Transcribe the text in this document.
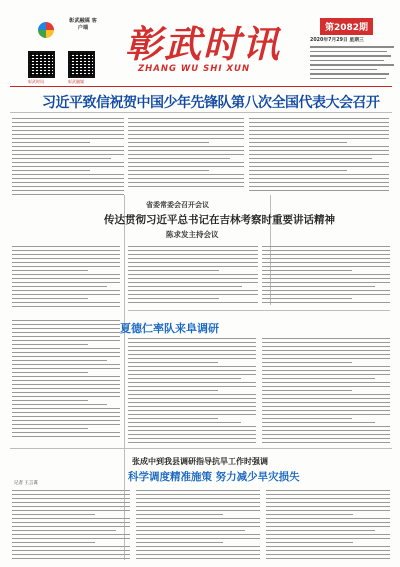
彰武融媒 客户端
彰武时讯	彰武融媒
彰武时讯
ZHANG WU SHI XUN
第2082期
2020年7月29日 星期三
习近平致信祝贺中国少年先锋队第八次全国代表大会召开
省委常委会召开会议
传达贯彻习近平总书记在吉林考察时重要讲话精神
陈求发主持会议
夏德仁率队来阜调研
张成中到我县调研指导抗旱工作时强调
科学调度精准施策 努力减少旱灾损失
记者 王言谋
